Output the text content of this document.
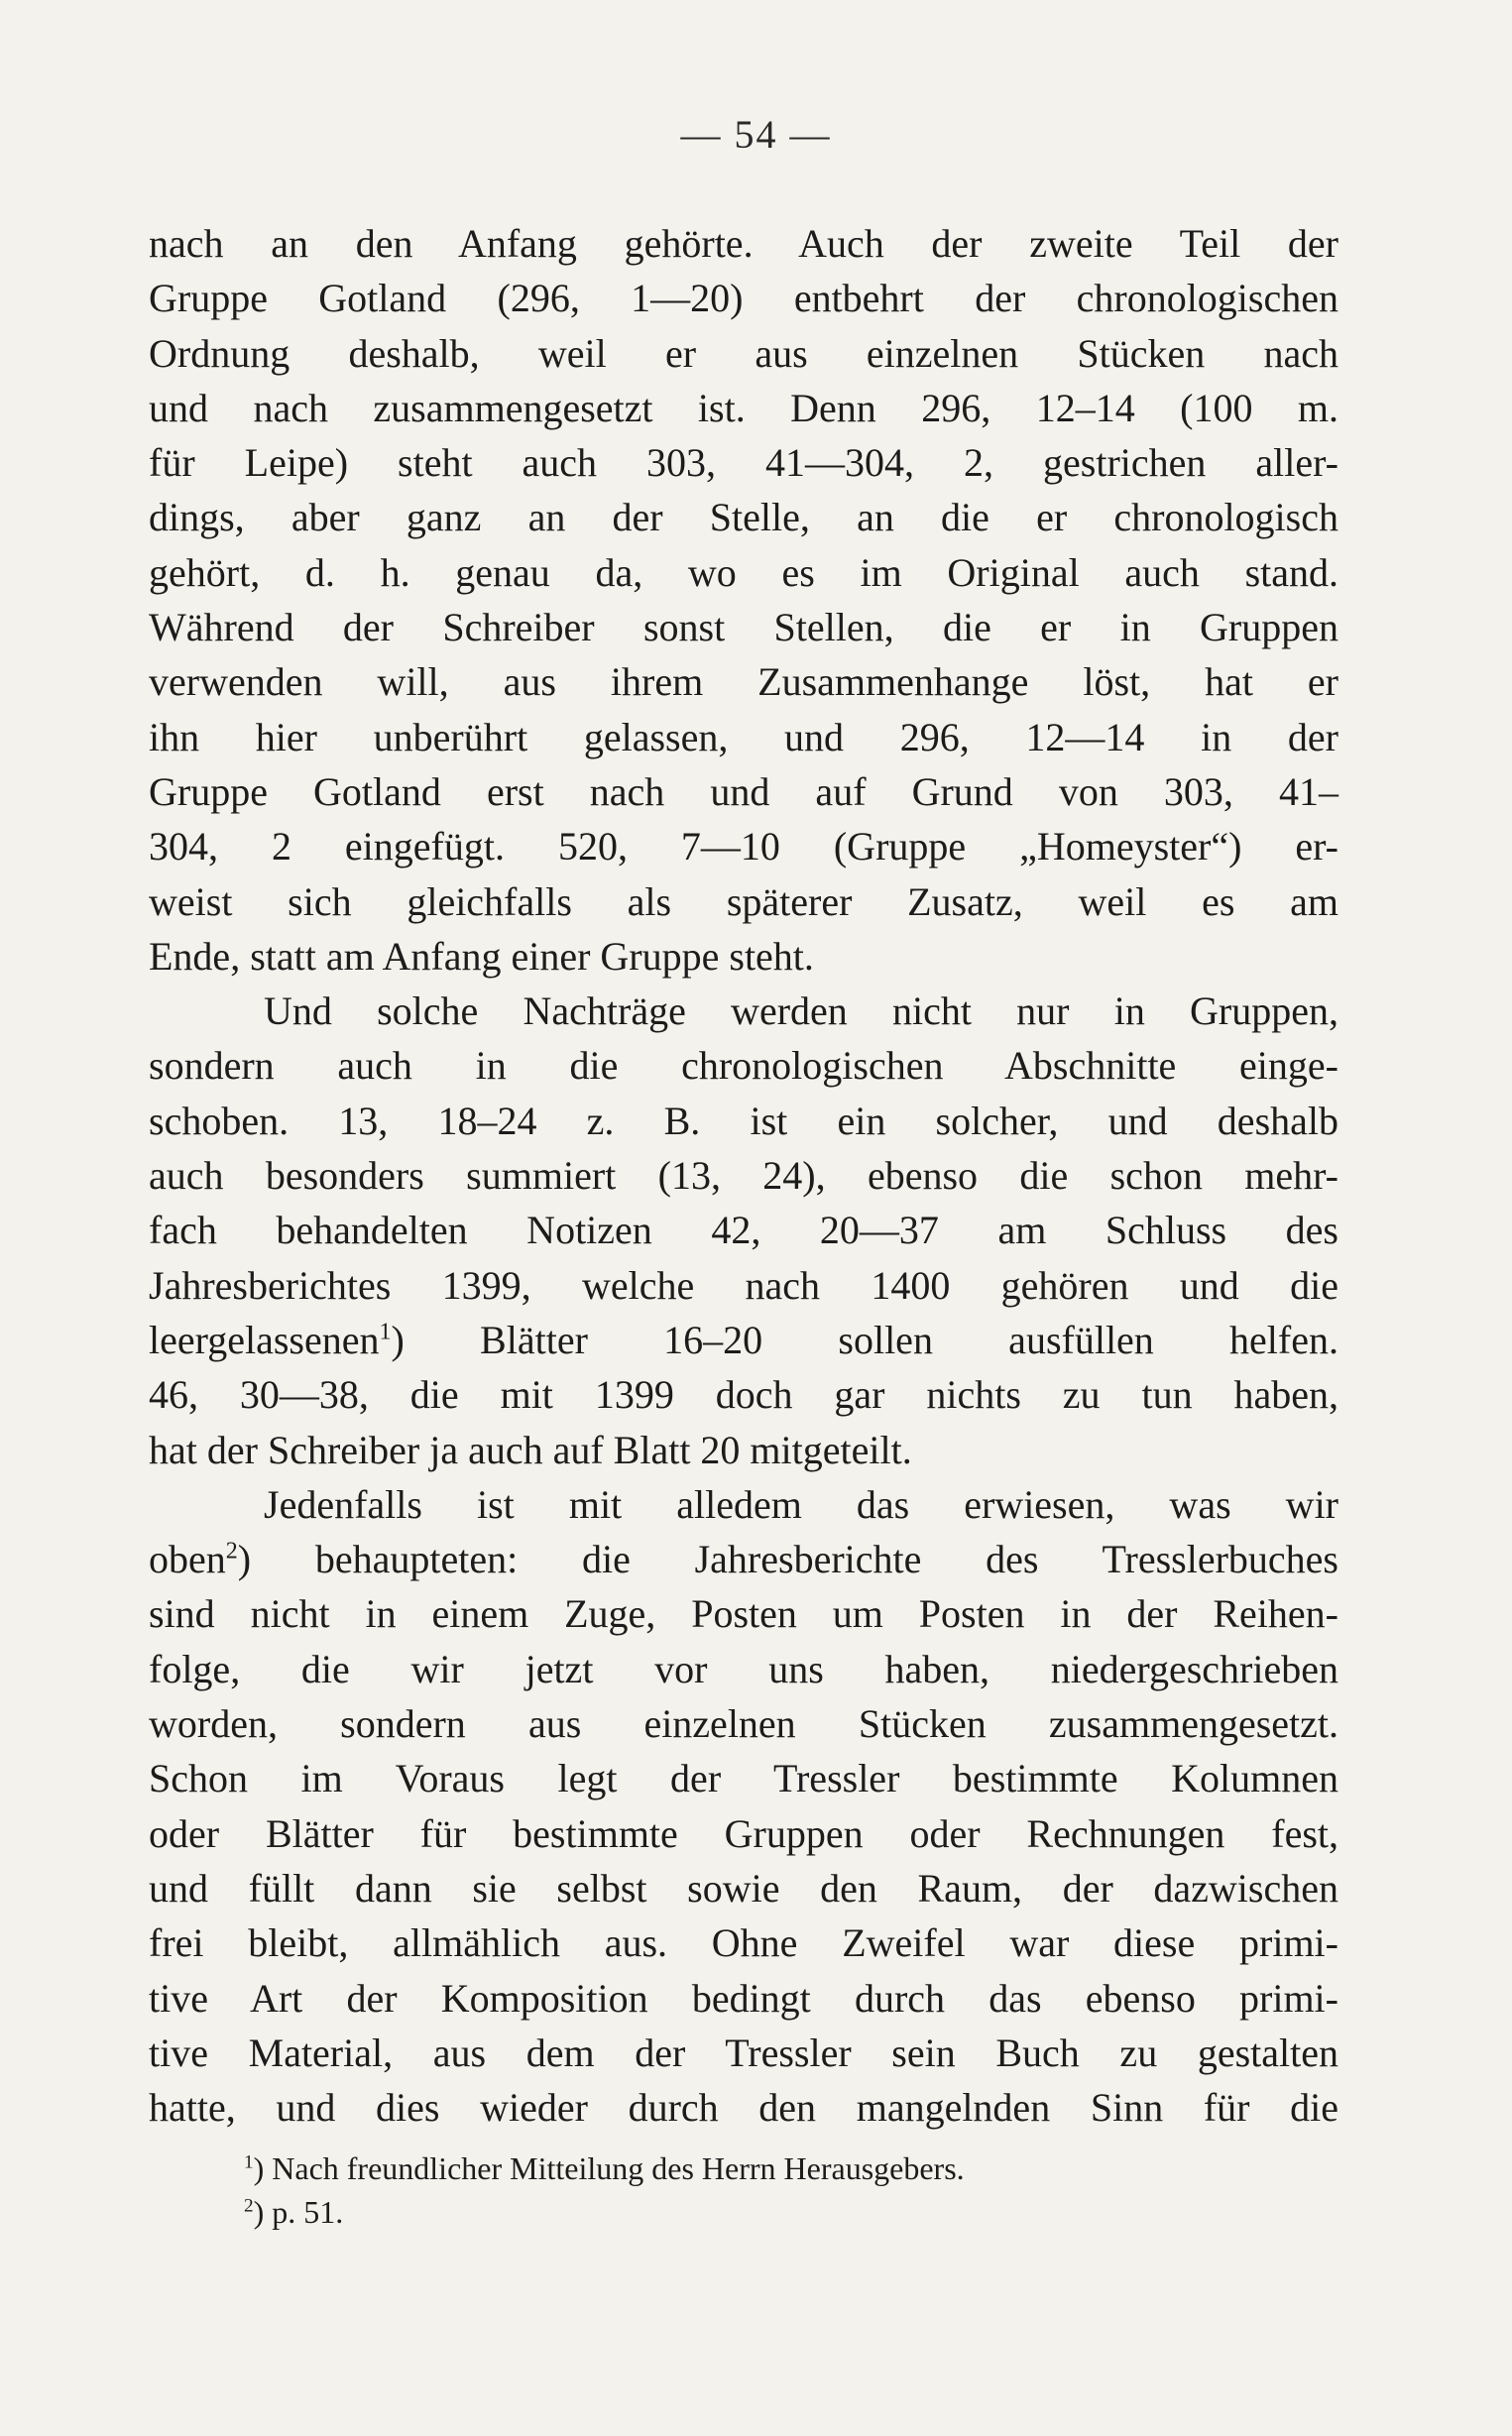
— 54 —
nach an den Anfang gehörte. Auch der zweite Teil der
Gruppe Gotland (296, 1—20) entbehrt der chronologischen
Ordnung deshalb, weil er aus einzelnen Stücken nach
und nach zusammengesetzt ist. Denn 296, 12–14 (100 m.
für Leipe) steht auch 303, 41—304, 2, gestrichen aller-
dings, aber ganz an der Stelle, an die er chronologisch
gehört, d. h. genau da, wo es im Original auch stand.
Während der Schreiber sonst Stellen, die er in Gruppen
verwenden will, aus ihrem Zusammenhange löst, hat er
ihn hier unberührt gelassen, und 296, 12—14 in der
Gruppe Gotland erst nach und auf Grund von 303, 41–
304, 2 eingefügt. 520, 7—10 (Gruppe „Homeyster“) er-
weist sich gleichfalls als späterer Zusatz, weil es am
Ende, statt am Anfang einer Gruppe steht.
Und solche Nachträge werden nicht nur in Gruppen,
sondern auch in die chronologischen Abschnitte einge-
schoben. 13, 18–24 z. B. ist ein solcher, und deshalb
auch besonders summiert (13, 24), ebenso die schon mehr-
fach behandelten Notizen 42, 20—37 am Schluss des
Jahresberichtes 1399, welche nach 1400 gehören und die
leergelassenen$^1$) Blätter 16–20 sollen ausfüllen helfen.
46, 30—38, die mit 1399 doch gar nichts zu tun haben,
hat der Schreiber ja auch auf Blatt 20 mitgeteilt.
Jedenfalls ist mit alledem das erwiesen, was wir
oben$^2$) behaupteten: die Jahresberichte des Tresslerbuches
sind nicht in einem Zuge, Posten um Posten in der Reihen-
folge, die wir jetzt vor uns haben, niedergeschrieben
worden, sondern aus einzelnen Stücken zusammengesetzt.
Schon im Voraus legt der Tressler bestimmte Kolumnen
oder Blätter für bestimmte Gruppen oder Rechnungen fest,
und füllt dann sie selbst sowie den Raum, der dazwischen
frei bleibt, allmählich aus. Ohne Zweifel war diese primi-
tive Art der Komposition bedingt durch das ebenso primi-
tive Material, aus dem der Tressler sein Buch zu gestalten
hatte, und dies wieder durch den mangelnden Sinn für die
$^1$) Nach freundlicher Mitteilung des Herrn Herausgebers.
$^2$) p. 51.
